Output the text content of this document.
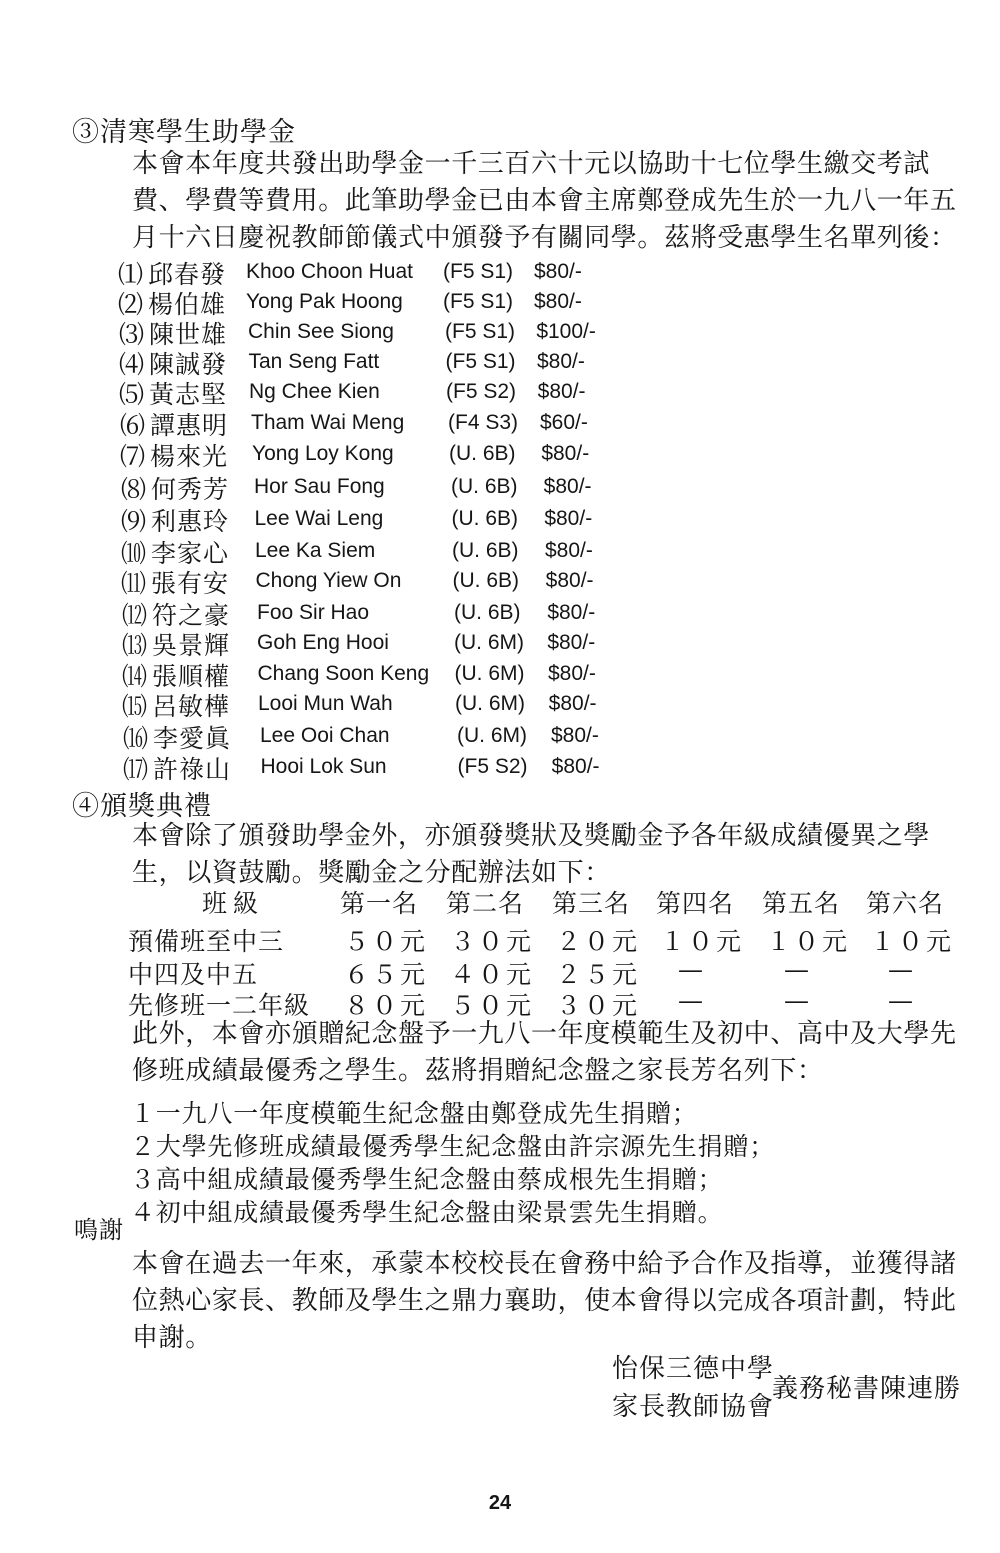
③清寒學生助學金

本會本年度共發出助學金一千三百六十元以協助十七位學生繳交考試費、學費等費用。此筆助學金已由本會主席鄭登成先生於一九八一年五月十六日慶祝教師節儀式中頒發予有關同學。茲將受惠學生名單列後：

⑴ 邱春發 Khoo Choon Huat (F5 S1) $80/-
⑵ 楊伯雄 Yong Pak Hoong (F5 S1) $80/-
⑶ 陳世雄 Chin See Siong (F5 S1) $100/-
⑷ 陳誠發 Tan Seng Fatt	(F5 S1) $80/-
⑸ 黃志堅 Ng Chee Kien	(F5 S2) $80/-
⑹ 譚惠明 Tham Wai Meng (F4 S3) $60/-
⑺ 楊來光 Yong Loy Kong	(U. 6B) $80/-
⑻ 何秀芳 Hor Sau Fong	(U. 6B) $80/-
⑼ 利惠玲 Lee Wai Leng	(U. 6B) $80/-
⑽ 李家心 Lee Ka Siem	(U. 6B) $80/-
⑾ 張有安 Chong Yiew On (U. 6B) $80/-
⑿ 符之豪 Foo Sir Hao	(U. 6B) $80/-
⒀ 吳景輝 Goh Eng Hooi	(U. 6M) $80/-
⒁ 張順權 Chang Soon Keng (U. 6M) $80/-
⒂ 呂敏樺 Looi Mun Wah	(U. 6M) $80/-
⒃ 李愛眞 Lee Ooi Chan	(U. 6M) $80/-
⒄ 許祿山 Hooi Lok Sun	(F5 S2) $80/-
④頒獎典禮

本會除了頒發助學金外，亦頒發獎狀及獎勵金予各年級成績優異之學生，以資鼓勵。獎勵金之分配辦法如下：

班級	第一名 第二名 第三名 第四名 第五名 第六名
預備班至中三 ５０元 ３０元 ２０元 １０元 １０元 １０元
中四及中五	６５元 ４０元 ２５元 —	—	—
先修班一二年級 ８０元 ５０元 ３０元 —	—	—

此外，本會亦頒贈紀念盤予一九八一年度模範生及初中、高中及大學先修班成績最優秀之學生。茲將捐贈紀念盤之家長芳名列下：

１一九八一年度模範生紀念盤由鄭登成先生捐贈；
２大學先修班成績最優秀學生紀念盤由許宗源先生捐贈；
３高中組成績最優秀學生紀念盤由蔡成根先生捐贈；
４初中組成績最優秀學生紀念盤由梁景雲先生捐贈。
鳴謝

本會在過去一年來，承蒙本校校長在會務中給予合作及指導，並獲得諸位熱心家長、教師及學生之鼎力襄助，使本會得以完成各項計劃，特此申謝。

怡保三德中學
家長教師協會
義務秘書陳連勝
24
